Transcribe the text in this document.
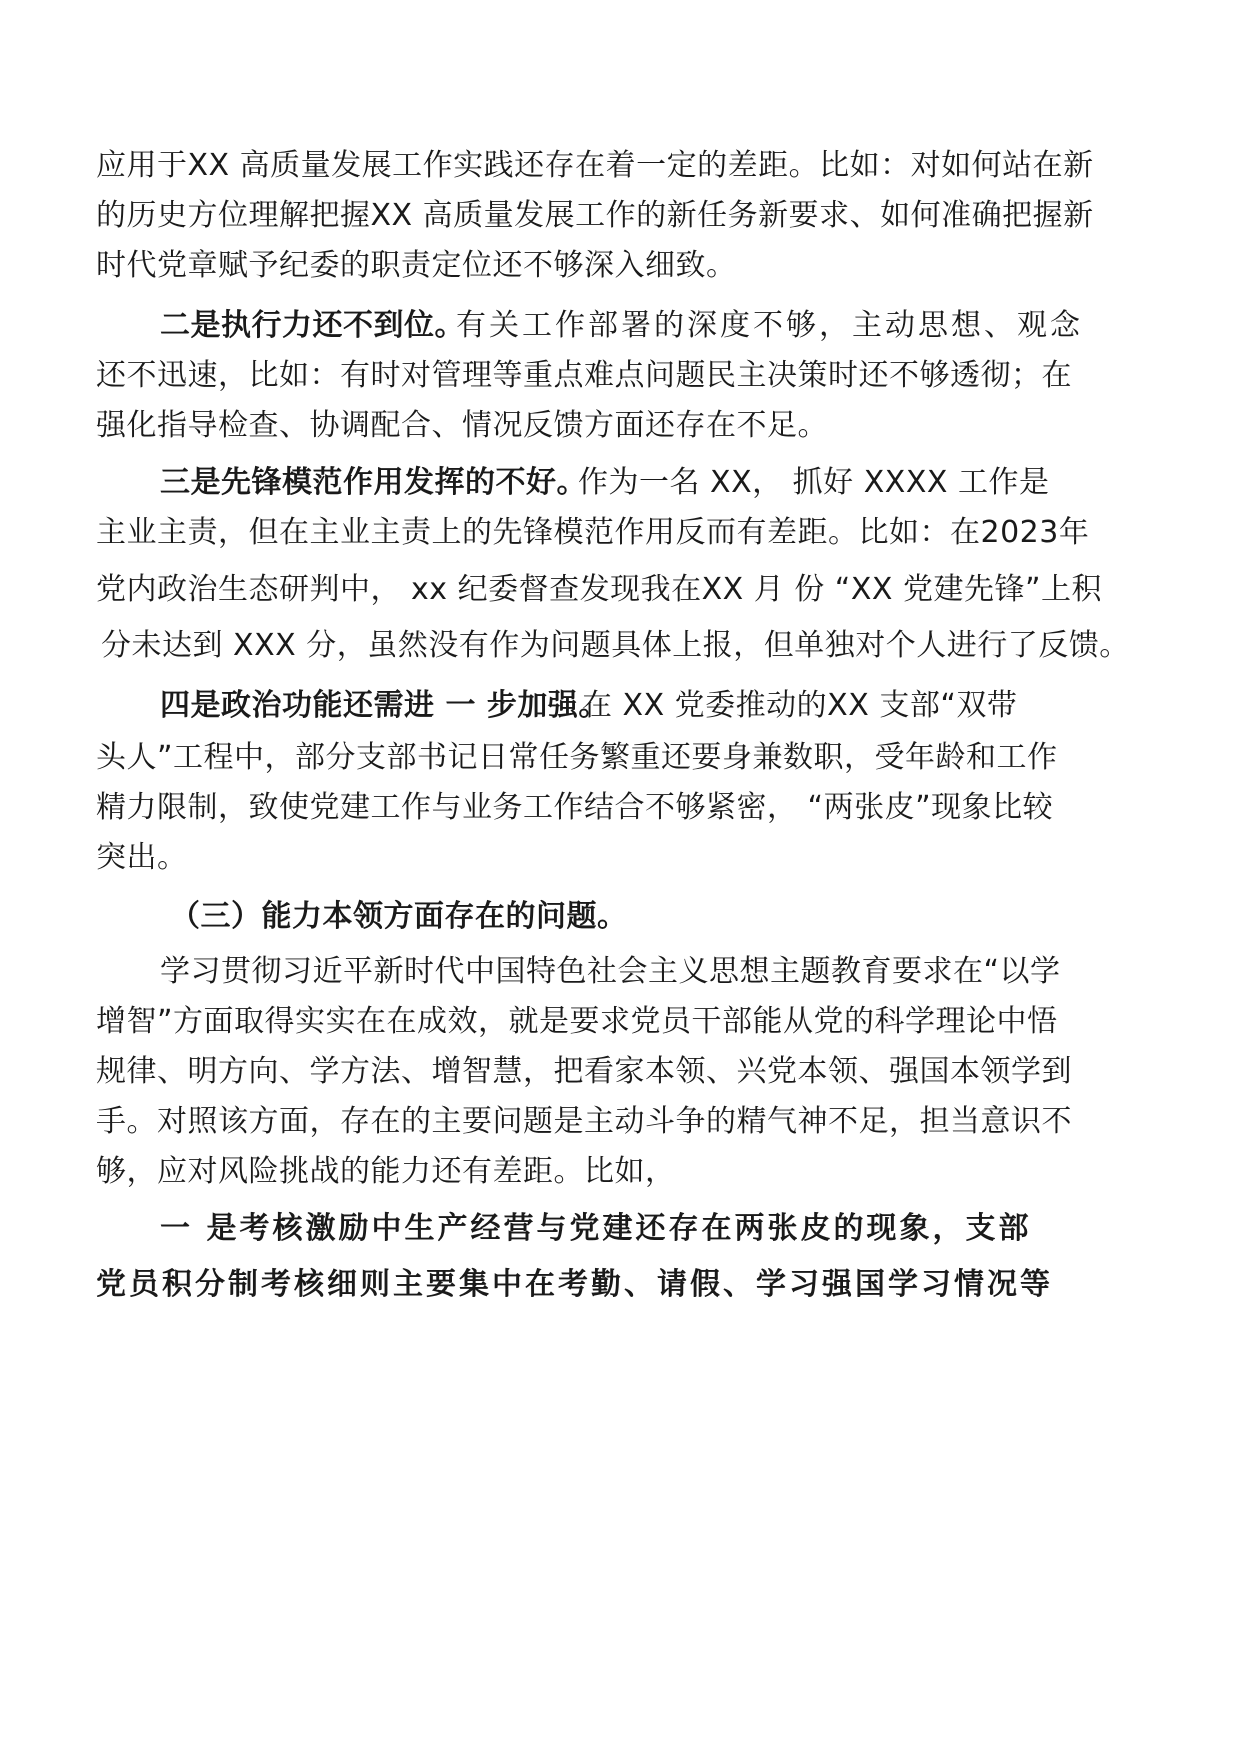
应用于XX 高质量发展工作实践还存在着一定的差距。比如：对如何站在新
的历史方位理解把握XX 高质量发展工作的新任务新要求、如何准确把握新
时代党章赋予纪委的职责定位还不够深入细致。
二是执行力还不到位。
有关工作部署的深度不够，主动思想、观念
还不迅速，比如：有时对管理等重点难点问题民主决策时还不够透彻；在
强化指导检查、协调配合、情况反馈方面还存在不足。
三是先锋模范作用发挥的不好。
作为一名 XX， 抓好 XXXX 工作是
主业主责，但在主业主责上的先锋模范作用反而有差距。比如：在2023年
党内政治生态研判中， xx 纪委督查发现我在XX 月 份 “XX 党建先锋”上积
分未达到 XXX 分，虽然没有作为问题具体上报，但单独对个人进行了反馈。
四是政治功能还需进 一 步加强。
在 XX 党委推动的XX 支部“双带
头人”工程中，部分支部书记日常任务繁重还要身兼数职，受年龄和工作
精力限制，致使党建工作与业务工作结合不够紧密， “两张皮”现象比较
突出。
（三）能力本领方面存在的问题。
学习贯彻习近平新时代中国特色社会主义思想主题教育要求在“以学
增智”方面取得实实在在成效，就是要求党员干部能从党的科学理论中悟
规律、明方向、学方法、增智慧，把看家本领、兴党本领、强国本领学到
手。对照该方面，存在的主要问题是主动斗争的精气神不足，担当意识不
够，应对风险挑战的能力还有差距。比如，
一 是考核激励中生产经营与党建还存在两张皮的现象，支部
党员积分制考核细则主要集中在考勤、请假、学习强国学习情况等
